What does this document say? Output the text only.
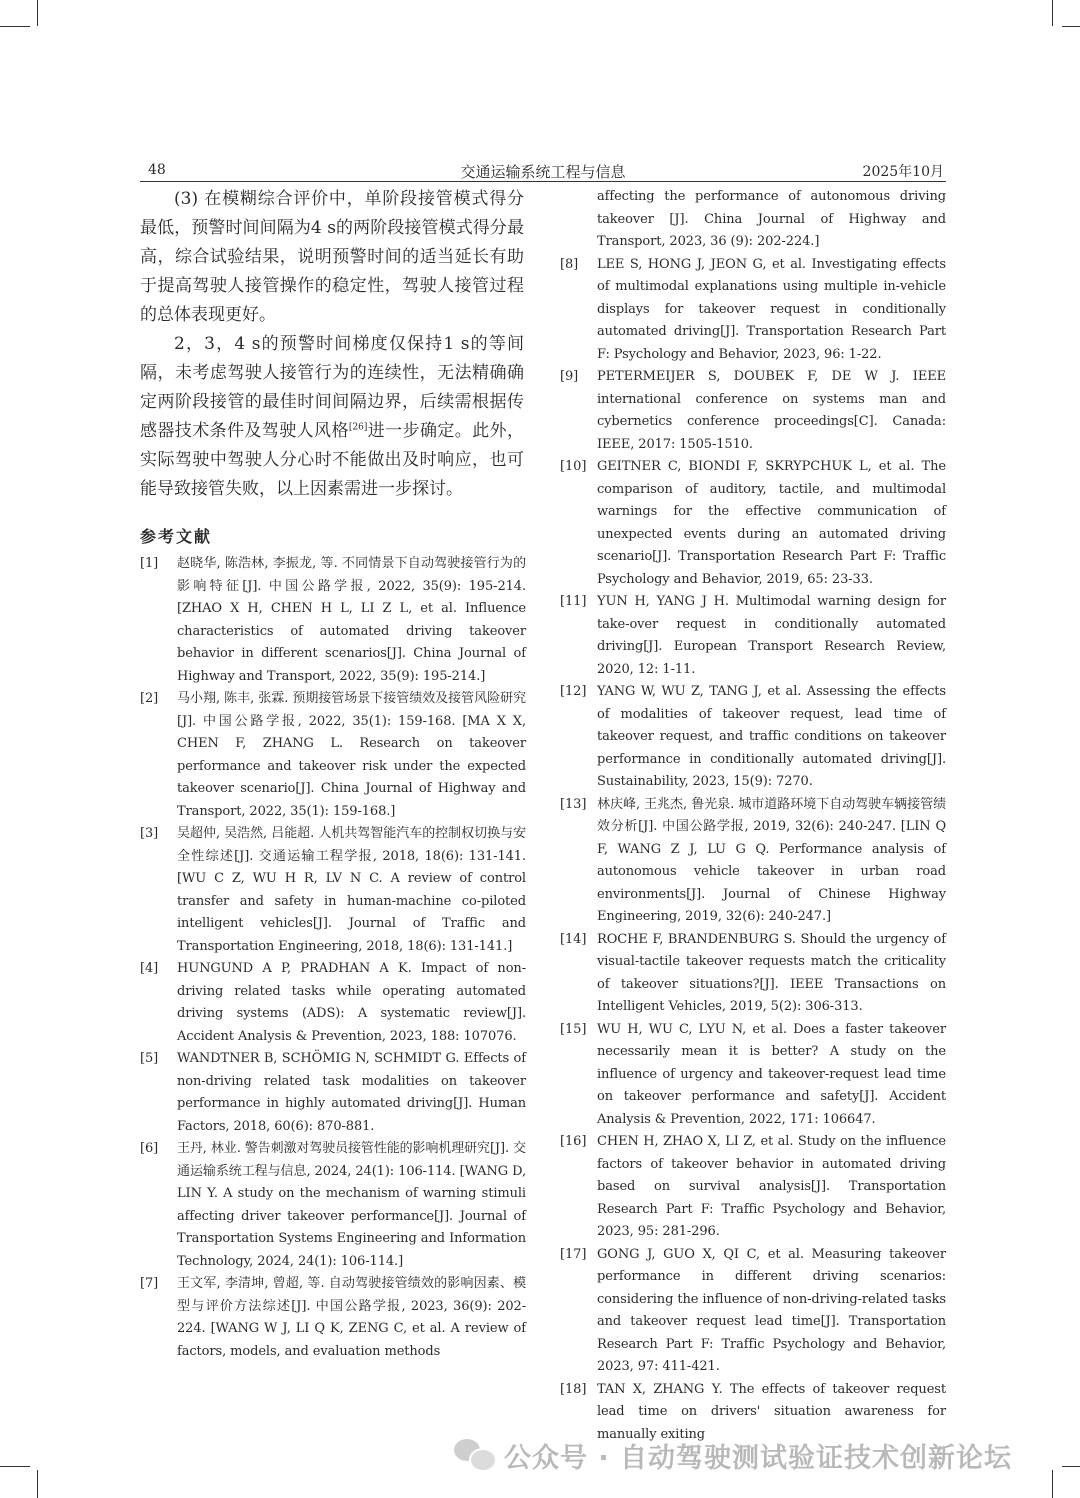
48	交通运输系统工程与信息	2025年10月

(3) 在模糊综合评价中，单阶段接管模式得分最低，预警时间间隔为4 s的两阶段接管模式得分最高，综合试验结果，说明预警时间的适当延长有助于提高驾驶人接管操作的稳定性，驾驶人接管过程的总体表现更好。

2，3，4 s的预警时间梯度仅保持1 s的等间隔，未考虑驾驶人接管行为的连续性，无法精确确定两阶段接管的最佳时间间隔边界，后续需根据传感器技术条件及驾驶人风格[26]进一步确定。此外，实际驾驶中驾驶人分心时不能做出及时响应，也可能导致接管失败，以上因素需进一步探讨。

参考文献
[1]	赵晓华, 陈浩林, 李振龙, 等. 不同情景下自动驾驶接管行为的影响特征[J]. 中国公路学报, 2022, 35(9): 195-214. [ZHAO X H, CHEN H L, LI Z L, et al. Influence characteristics of automated driving takeover behavior in different scenarios[J]. China Journal of Highway and Transport, 2022, 35(9): 195-214.]
[2]	马小翔, 陈丰, 张霖. 预期接管场景下接管绩效及接管风险研究[J]. 中国公路学报, 2022, 35(1): 159-168. [MA X X, CHEN F, ZHANG L. Research on takeover performance and takeover risk under the expected takeover scenario[J]. China Journal of Highway and Transport, 2022, 35(1): 159-168.]
[3]	吴超仲, 吴浩然, 吕能超. 人机共驾智能汽车的控制权切换与安全性综述[J]. 交通运输工程学报, 2018, 18(6): 131-141. [WU C Z, WU H R, LV N C. A review of control transfer and safety in human-machine co-piloted intelligent vehicles[J]. Journal of Traffic and Transportation Engineering, 2018, 18(6): 131-141.]
[4]	HUNGUND A P, PRADHAN A K. Impact of non-driving related tasks while operating automated driving systems (ADS): A systematic review[J]. Accident Analysis & Prevention, 2023, 188: 107076.
[5]	WANDTNER B, SCHÖMIG N, SCHMIDT G. Effects of non-driving related task modalities on takeover performance in highly automated driving[J]. Human Factors, 2018, 60(6): 870-881.
[6]	王丹, 林业. 警告刺激对驾驶员接管性能的影响机理研究[J]. 交通运输系统工程与信息, 2024, 24(1): 106-114. [WANG D, LIN Y. A study on the mechanism of warning stimuli affecting driver takeover performance[J]. Journal of Transportation Systems Engineering and Information Technology, 2024, 24(1): 106-114.]
[7]	王文军, 李清坤, 曾超, 等. 自动驾驶接管绩效的影响因素、模型与评价方法综述[J]. 中国公路学报, 2023, 36(9): 202-224. [WANG W J, LI Q K, ZENG C, et al. A review of factors, models, and evaluation methods
affecting the performance of autonomous driving takeover [J]. China Journal of Highway and Transport, 2023, 36 (9): 202-224.]
[8]	LEE S, HONG J, JEON G, et al. Investigating effects of multimodal explanations using multiple in-vehicle displays for takeover request in conditionally automated driving[J]. Transportation Research Part F: Psychology and Behavior, 2023, 96: 1-22.
[9]	PETERMEIJER S, DOUBEK F, DE W J. IEEE international conference on systems man and cybernetics conference proceedings[C]. Canada: IEEE, 2017: 1505-1510.
[10] GEITNER C, BIONDI F, SKRYPCHUK L, et al. The comparison of auditory, tactile, and multimodal warnings for the effective communication of unexpected events during an automated driving scenario[J]. Transportation Research Part F: Traffic Psychology and Behavior, 2019, 65: 23-33.
[11] YUN H, YANG J H. Multimodal warning design for take-over request in conditionally automated driving[J]. European Transport Research Review, 2020, 12: 1-11.
[12] YANG W, WU Z, TANG J, et al. Assessing the effects of modalities of takeover request, lead time of takeover request, and traffic conditions on takeover performance in conditionally automated driving[J]. Sustainability, 2023, 15(9): 7270.
[13] 林庆峰, 王兆杰, 鲁光泉. 城市道路环境下自动驾驶车辆接管绩效分析[J]. 中国公路学报, 2019, 32(6): 240-247. [LIN Q F, WANG Z J, LU G Q. Performance analysis of autonomous vehicle takeover in urban road environments[J]. Journal of Chinese Highway Engineering, 2019, 32(6): 240-247.]
[14] ROCHE F, BRANDENBURG S. Should the urgency of visual-tactile takeover requests match the criticality of takeover situations?[J]. IEEE Transactions on Intelligent Vehicles, 2019, 5(2): 306-313.
[15] WU H, WU C, LYU N, et al. Does a faster takeover necessarily mean it is better? A study on the influence of urgency and takeover-request lead time on takeover performance and safety[J]. Accident Analysis & Prevention, 2022, 171: 106647.
[16] CHEN H, ZHAO X, LI Z, et al. Study on the influence factors of takeover behavior in automated driving based on survival analysis[J]. Transportation Research Part F: Traffic Psychology and Behavior, 2023, 95: 281-296.
[17] GONG J, GUO X, QI C, et al. Measuring takeover performance in different driving scenarios: considering the influence of non-driving-related tasks and takeover request lead time[J]. Transportation Research Part F: Traffic Psychology and Behavior, 2023, 97: 411-421.
[18] TAN X, ZHANG Y. The effects of takeover request lead time on drivers' situation awareness for manually exiting
公众号 · 自动驾驶测试验证技术创新论坛
